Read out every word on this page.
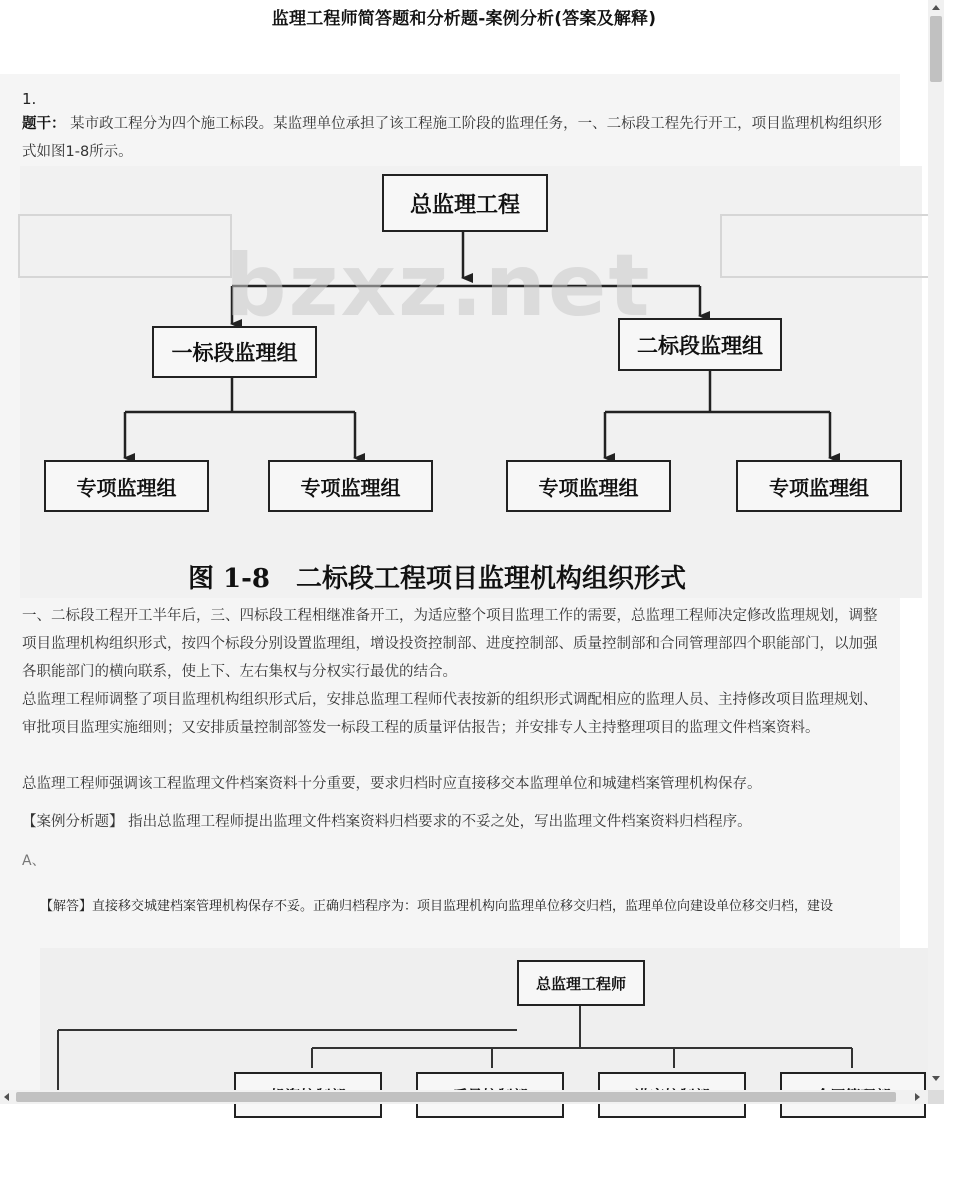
监理工程师简答题和分析题-案例分析(答案及解释)
1.
题干： 某市政工程分为四个施工标段。某监理单位承担了该工程施工阶段的监理任务，一、二标段工程先行开工，项目监理机构组织形式如图1-8所示。
bzxz.net
总监理工程
一标段监理组	二标段监理组
专项监理组	专项监理组	专项监理组	专项监理组
图 1-8　二标段工程项目监理机构组织形式
一、二标段工程开工半年后，三、四标段工程相继准备开工，为适应整个项目监理工作的需要，总监理工程师决定修改监理规划，调整项目监理机构组织形式，按四个标段分别设置监理组，增设投资控制部、进度控制部、质量控制部和合同管理部四个职能部门，以加强各职能部门的横向联系，使上下、左右集权与分权实行最优的结合。
总监理工程师调整了项目监理机构组织形式后，安排总监理工程师代表按新的组织形式调配相应的监理人员、主持修改项目监理规划、审批项目监理实施细则；又安排质量控制部签发一标段工程的质量评估报告；并安排专人主持整理项目的监理文件档案资料。
总监理工程师强调该工程监理文件档案资料十分重要，要求归档时应直接移交本监理单位和城建档案管理机构保存。
【案例分析题】 指出总监理工程师提出监理文件档案资料归档要求的不妥之处，写出监理文件档案资料归档程序。
A、
【解答】直接移交城建档案管理机构保存不妥。正确归档程序为：项目监理机构向监理单位移交归档，监理单位向建设单位移交归档，建设
总监理工程师
